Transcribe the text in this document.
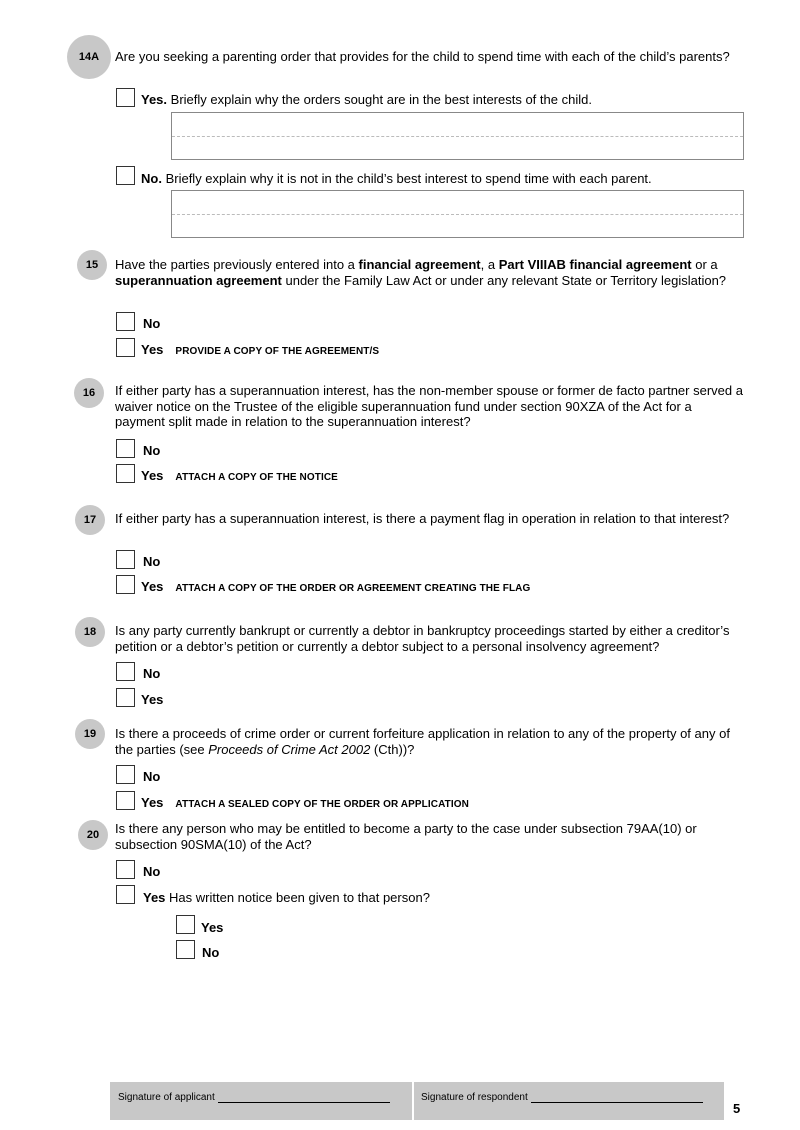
14A Are you seeking a parenting order that provides for the child to spend time with each of the child’s parents?
Yes. Briefly explain why the orders sought are in the best interests of the child.
No. Briefly explain why it is not in the child’s best interest to spend time with each parent.
15 Have the parties previously entered into a financial agreement, a Part VIIIAB financial agreement or a superannuation agreement under the Family Law Act or under any relevant State or Territory legislation?
No
Yes PROVIDE A COPY OF THE AGREEMENT/S
16 If either party has a superannuation interest, has the non-member spouse or former de facto partner served a waiver notice on the Trustee of the eligible superannuation fund under section 90XZA of the Act for a payment split made in relation to the superannuation interest?
No
Yes ATTACH A COPY OF THE NOTICE
17 If either party has a superannuation interest, is there a payment flag in operation in relation to that interest?
No
Yes ATTACH A COPY OF THE ORDER OR AGREEMENT CREATING THE FLAG
18 Is any party currently bankrupt or currently a debtor in bankruptcy proceedings started by either a creditor’s petition or a debtor’s petition or currently a debtor subject to a personal insolvency agreement?
No
Yes
19 Is there a proceeds of crime order or current forfeiture application in relation to any of the property of any of the parties (see Proceeds of Crime Act 2002 (Cth))?
No
Yes ATTACH A SEALED COPY OF THE ORDER OR APPLICATION
20 Is there any person who may be entitled to become a party to the case under subsection 79AA(10) or subsection 90SMA(10) of the Act?
No
Yes Has written notice been given to that person?
Yes
No
Signature of applicant	Signature of respondent
5
